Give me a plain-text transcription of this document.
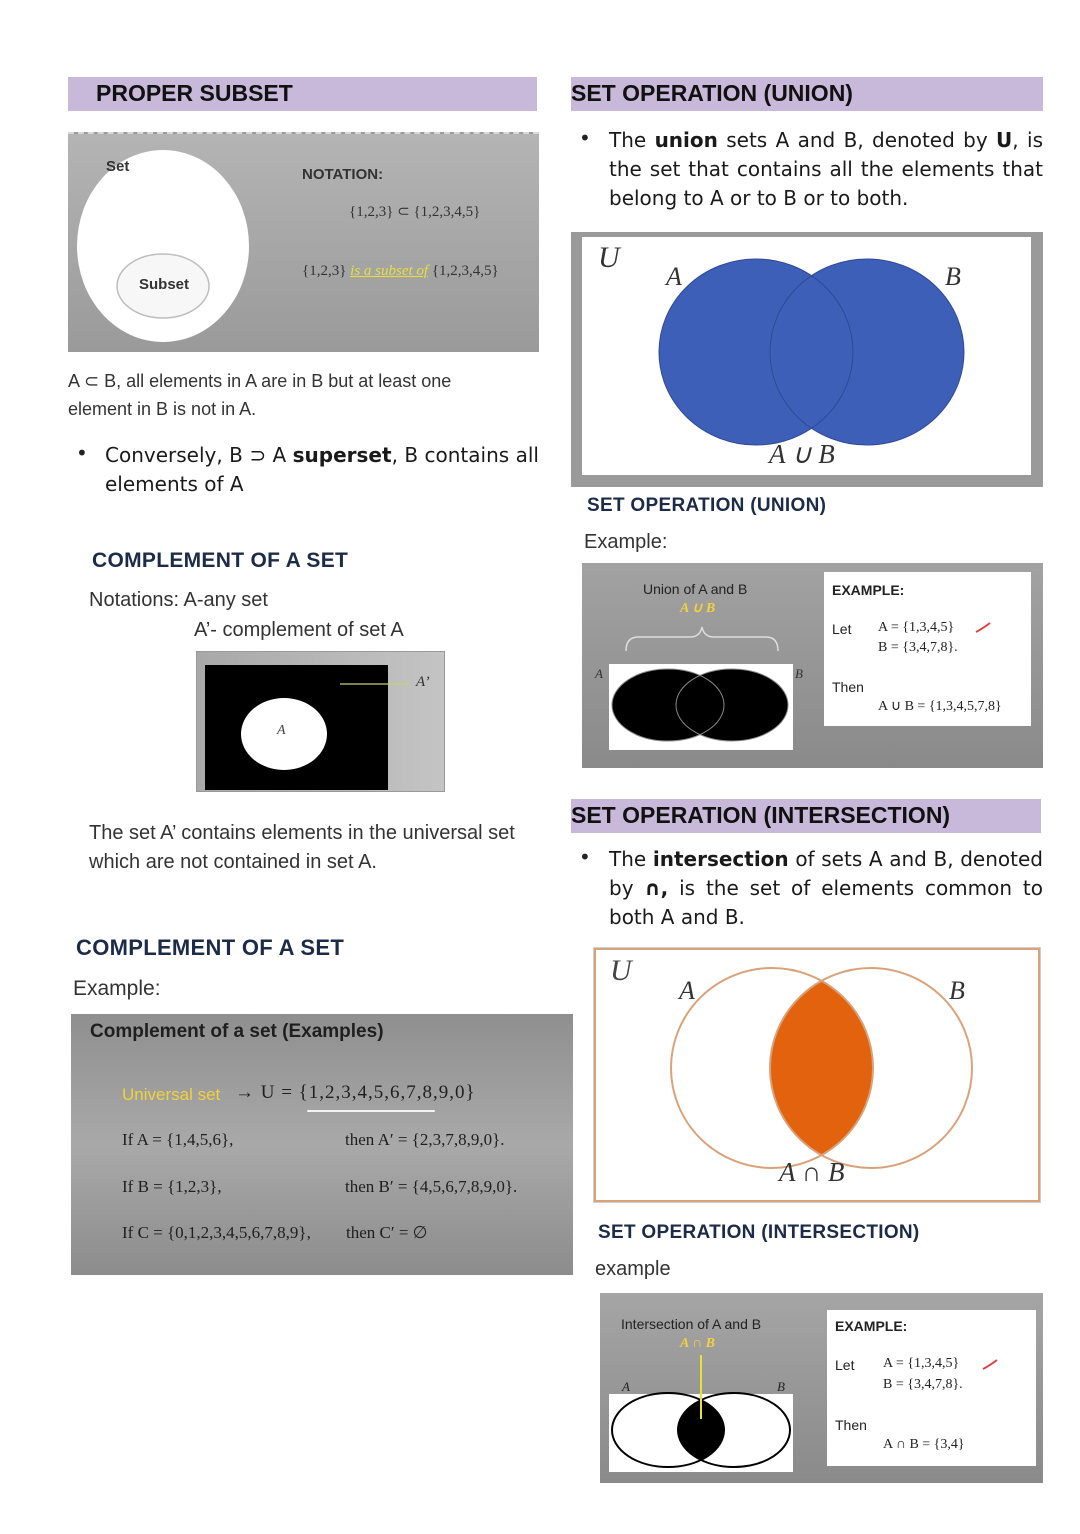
PROPER SUBSET
Set
Subset
NOTATION:
{1,2,3} ⊂ {1,2,3,4,5}
{1,2,3} is a subset of {1,2,3,4,5}
A ⊂ B, all elements in A are in B but at least one
element in B is not in A.
• Conversely, B ⊃ A superset, B contains all elements of A
COMPLEMENT OF A SET
Notations: A-any set
A’- complement of set A
A
A’
The set A’ contains elements in the universal set
which are not contained in set A.
COMPLEMENT OF A SET
Example:
Complement of a set (Examples)
Universal set → U = {1,2,3,4,5,6,7,8,9,0}
If A = {1,4,5,6},	then A′ = {2,3,7,8,9,0}.
If B = {1,2,3},	then B′ = {4,5,6,7,8,9,0}.
If C = {0,1,2,3,4,5,6,7,8,9}, then C′ = ∅
SET OPERATION (UNION)
• The union sets A and B, denoted by U, is the set that contains all the elements that belong to A or to B or to both.
U
A	B
A ∪ B
SET OPERATION (UNION)
Example:
Union of A and B
A ∪ B
A	B
EXAMPLE:
Let A = {1,3,4,5}
B = {3,4,7,8}.
Then
A ∪ B = {1,3,4,5,7,8}
SET OPERATION (INTERSECTION)
• The intersection of sets A and B, denoted by ∩, is the set of elements common to both A and B.
U
A	B
A ∩ B
SET OPERATION (INTERSECTION)
example
Intersection of A and B
A ∩ B
A	B
EXAMPLE:
Let A = {1,3,4,5}
B = {3,4,7,8}.
Then
A ∩ B = {3,4}
